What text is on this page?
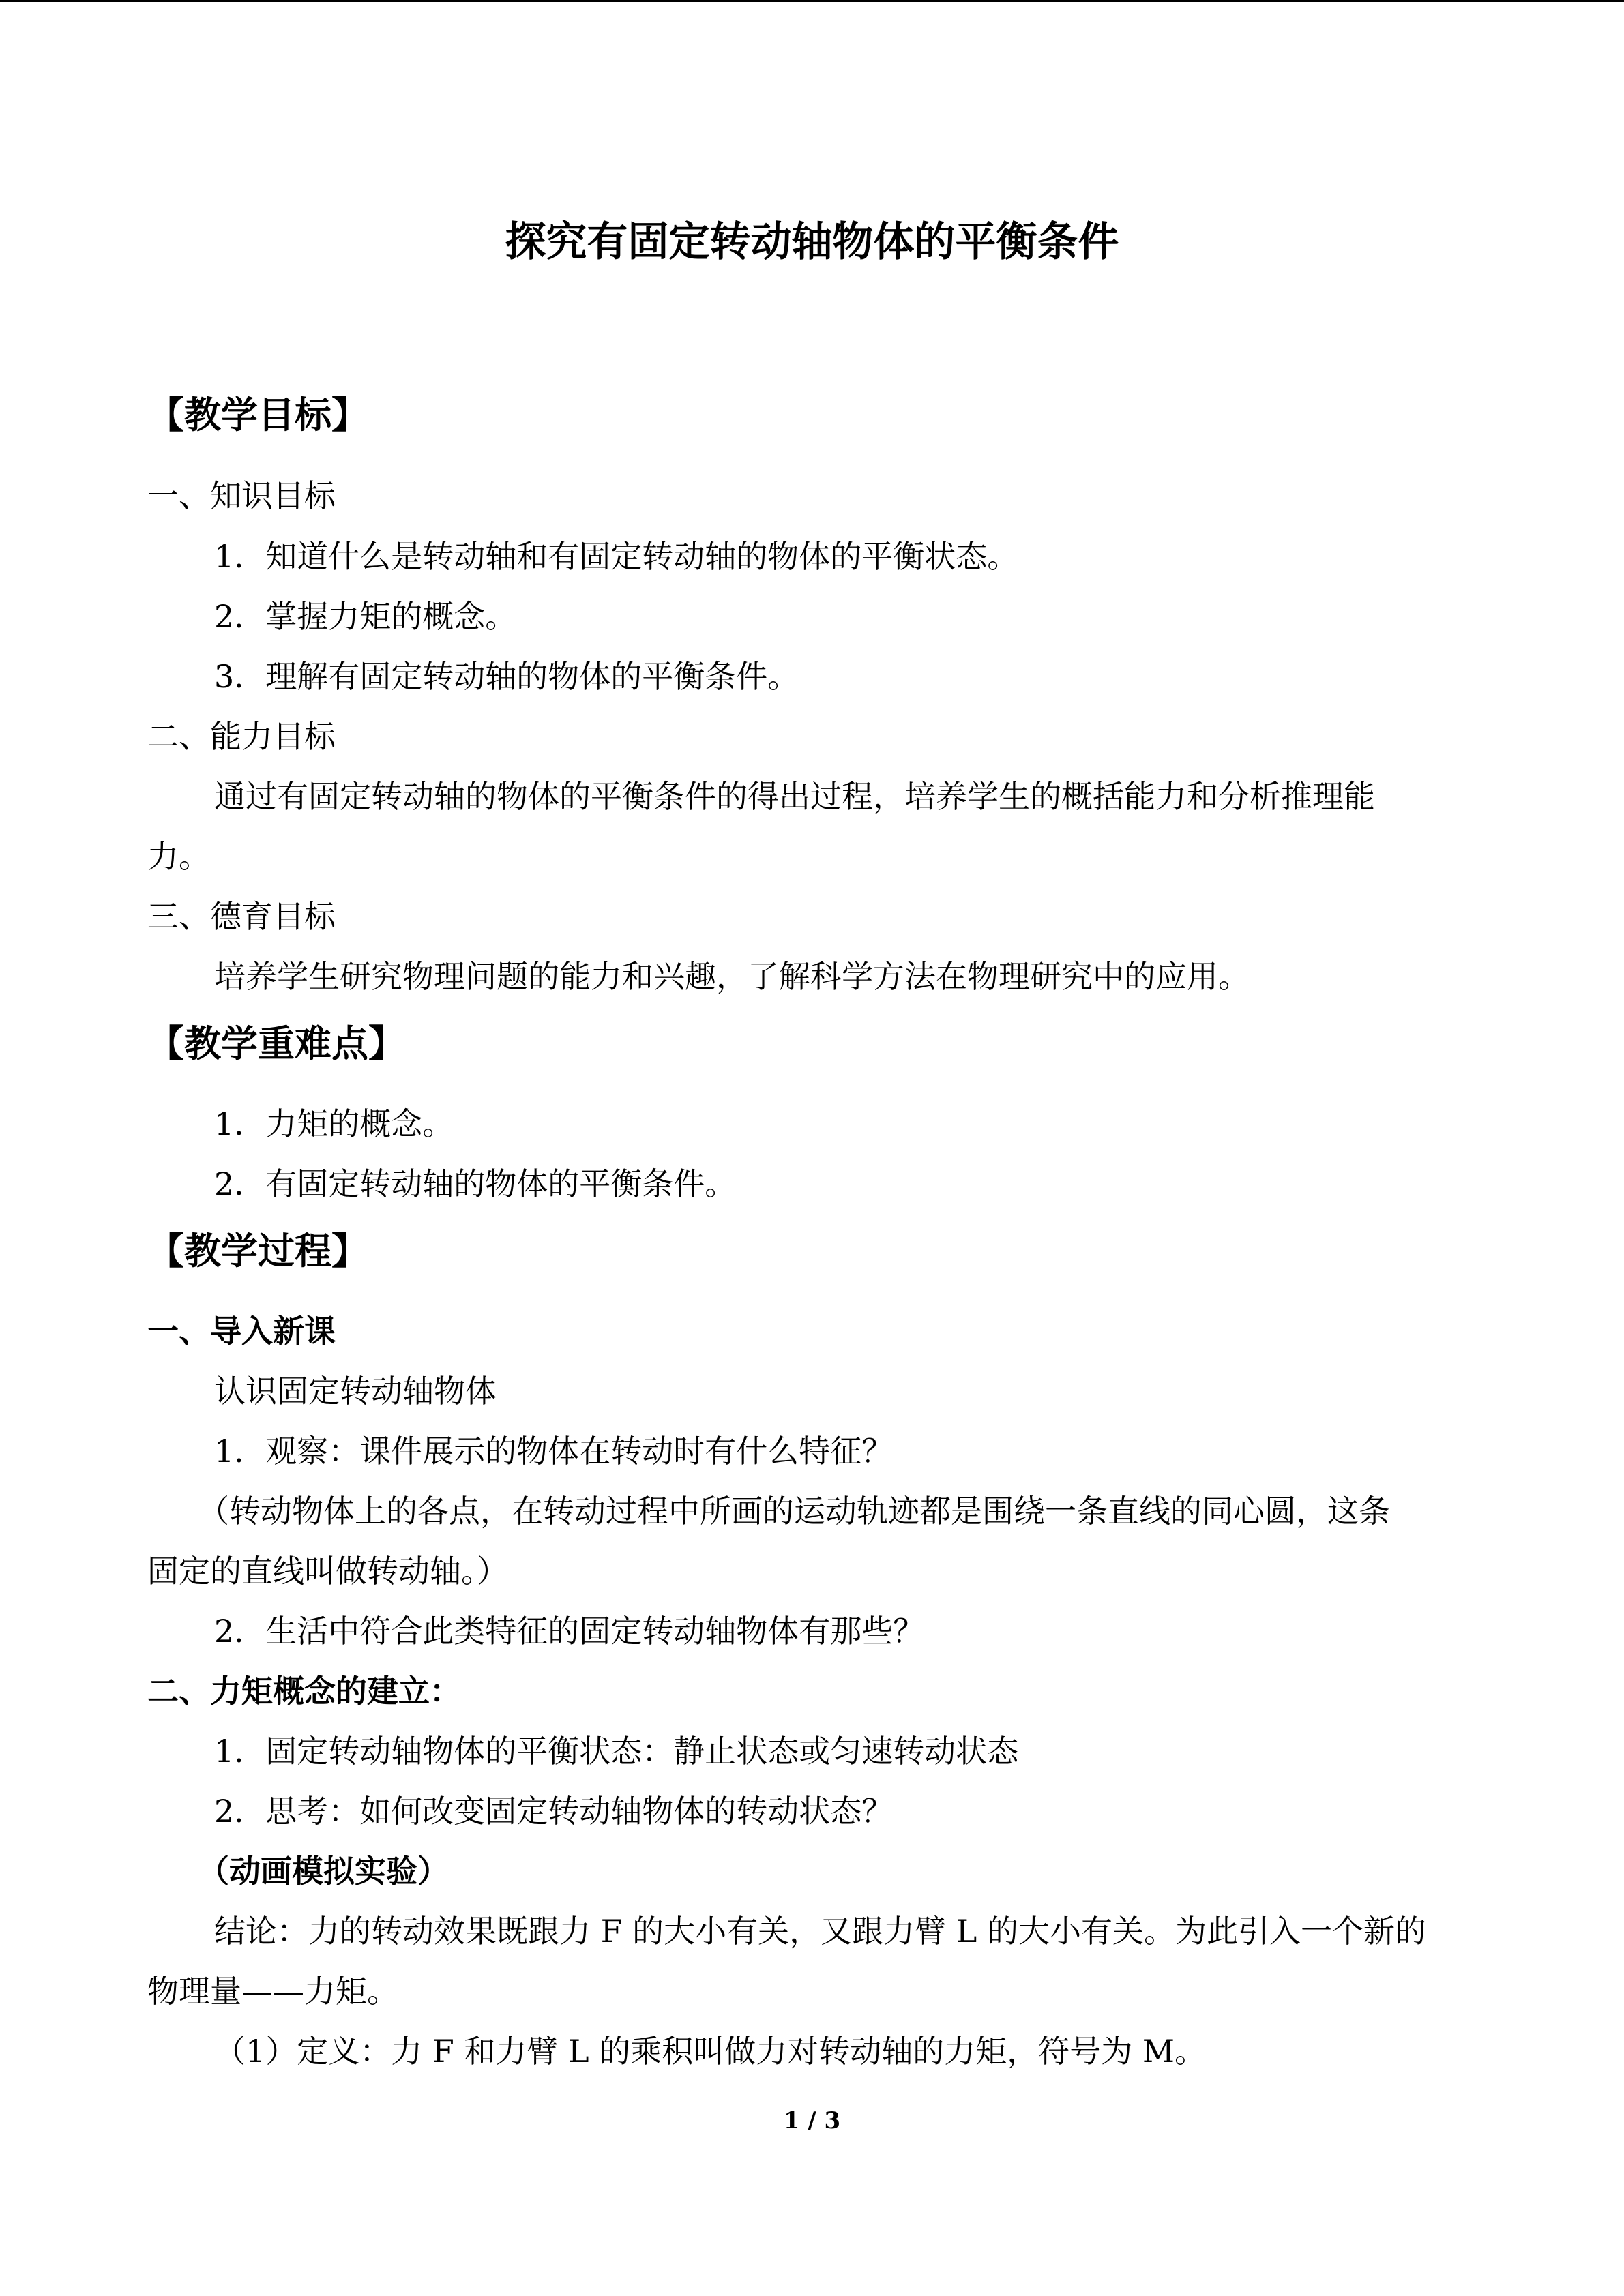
探究有固定转动轴物体的平衡条件
【教学目标】
一、知识目标
1．知道什么是转动轴和有固定转动轴的物体的平衡状态。
2．掌握力矩的概念。
3．理解有固定转动轴的物体的平衡条件。
二、能力目标
通过有固定转动轴的物体的平衡条件的得出过程，培养学生的概括能力和分析推理能
力。
三、德育目标
培养学生研究物理问题的能力和兴趣，了解科学方法在物理研究中的应用。
【教学重难点】
1．力矩的概念。
2．有固定转动轴的物体的平衡条件。
【教学过程】
一、导入新课
认识固定转动轴物体
1．观察：课件展示的物体在转动时有什么特征？
（转动物体上的各点，在转动过程中所画的运动轨迹都是围绕一条直线的同心圆，这条
固定的直线叫做转动轴。）
2．生活中符合此类特征的固定转动轴物体有那些？
二、力矩概念的建立：
1．固定转动轴物体的平衡状态：静止状态或匀速转动状态
2．思考：如何改变固定转动轴物体的转动状态？
（动画模拟实验）
结论：力的转动效果既跟力 F 的大小有关，又跟力臂 L 的大小有关。为此引入一个新的
物理量——力矩。
（1）定义：力 F 和力臂 L 的乘积叫做力对转动轴的力矩，符号为 M。
1 / 3
